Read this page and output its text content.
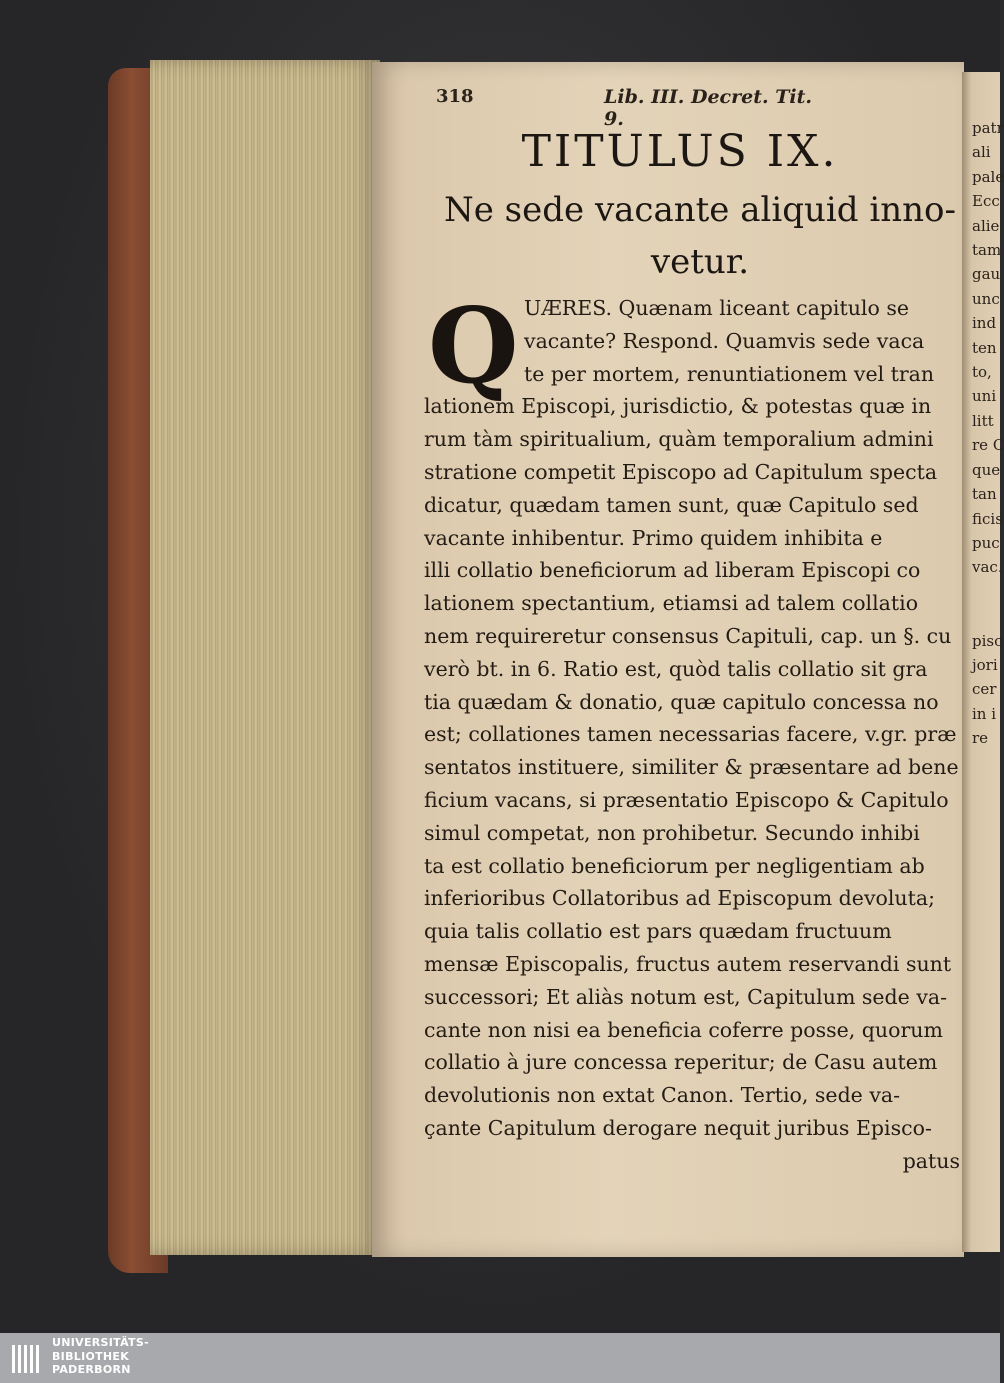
patr
ali
pale
Ecc
alie
tam
gau
unc
ind
ten
to,
uni
litt
re C
que
tan
ficis
puc
vac.

pisc
jori
cer
in i
re
318	Lib. III. Decret. Tit. 9.
TITULUS IX.
Ne sede vacante aliquid inno-
vetur.
Q UÆRES. Quænam liceant capitulo se
vacante? Respond. Quamvis sede vaca
te per mortem, renuntiationem vel tran
lationem Episcopi, jurisdictio, & potestas quæ in
rum tàm spiritualium, quàm temporalium admini
stratione competit Episcopo ad Capitulum specta
dicatur, quædam tamen sunt, quæ Capitulo sed
vacante inhibentur. Primo quidem inhibita e
illi collatio beneficiorum ad liberam Episcopi co
lationem spectantium, etiamsi ad talem collatio
nem requireretur consensus Capituli, cap. un §. cu
verò bt. in 6. Ratio est, quòd talis collatio sit gra
tia quædam & donatio, quæ capitulo concessa no
est; collationes tamen necessarias facere, v.gr. præ
sentatos instituere, similiter & præsentare ad bene
ficium vacans, si præsentatio Episcopo & Capitulo
simul competat, non prohibetur. Secundo inhibi
ta est collatio beneficiorum per negligentiam ab
inferioribus Collatoribus ad Episcopum devoluta;
quia talis collatio est pars quædam fructuum
mensæ Episcopalis, fructus autem reservandi sunt
successori; Et aliàs notum est, Capitulum sede va-
cante non nisi ea beneficia coferre posse, quorum
collatio à jure concessa reperitur; de Casu autem
devolutionis non extat Canon. Tertio, sede va-
çante Capitulum derogare nequit juribus Episco-
patus
UNIVERSITÄTS-
BIBLIOTHEK
PADERBORN
